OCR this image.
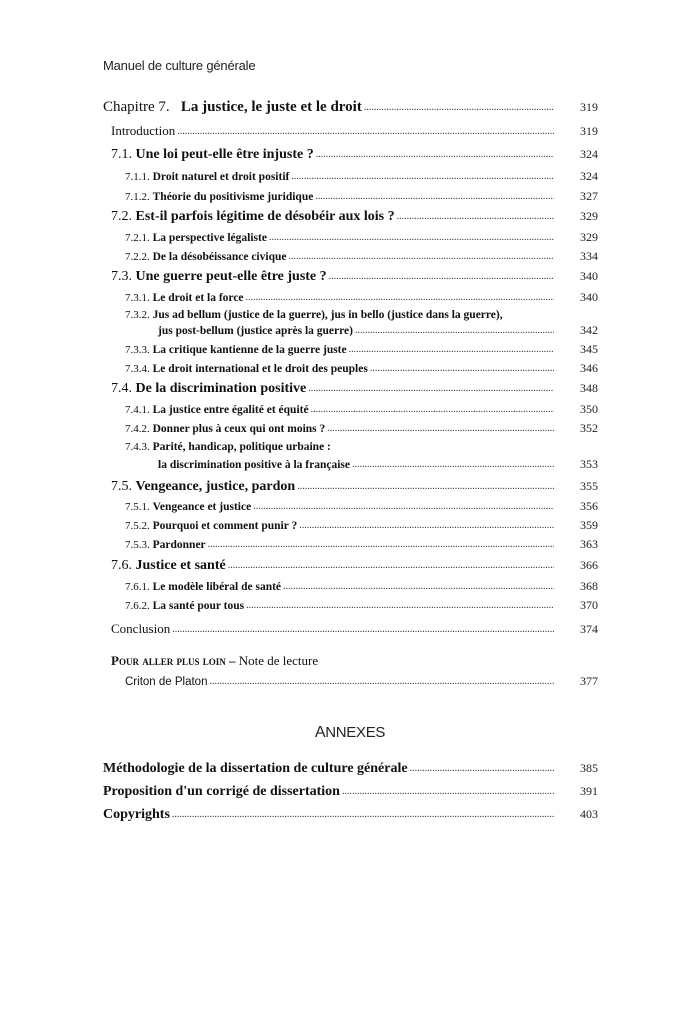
Manuel de culture générale
Chapitre 7. La justice, le juste et le droit .....	319
Introduction .....	319
7.1. Une loi peut-elle être injuste ? .....	324
7.1.1. Droit naturel et droit positif .....	324
7.1.2. Théorie du positivisme juridique .....	327
7.2. Est-il parfois légitime de désobéir aux lois ? .....	329
7.2.1. La perspective légaliste .....	329
7.2.2. De la désobéissance civique .....	334
7.3. Une guerre peut-elle être juste ? .....	340
7.3.1. Le droit et la force .....	340
7.3.2. Jus ad bellum (justice de la guerre), jus in bello (justice dans la guerre),
jus post-bellum (justice après la guerre) .....	342
7.3.3. La critique kantienne de la guerre juste .....	345
7.3.4. Le droit international et le droit des peuples .....	346
7.4. De la discrimination positive .....	348
7.4.1. La justice entre égalité et équité .....	350
7.4.2. Donner plus à ceux qui ont moins ? .....	352
7.4.3. Parité, handicap, politique urbaine :
la discrimination positive à la française .....	353
7.5. Vengeance, justice, pardon .....	355
7.5.1. Vengeance et justice .....	356
7.5.2. Pourquoi et comment punir ? .....	359
7.5.3. Pardonner .....	363
7.6. Justice et santé .....	366
7.6.1. Le modèle libéral de santé .....	368
7.6.2. La santé pour tous .....	370
Conclusion .....	374
Pour aller plus loin – Note de lecture
Criton de Platon .....	377
Méthodologie de la dissertation de culture générale .....	385
Proposition d'un corrigé de dissertation .....	391
Copyrights .....	403
ANNEXES
